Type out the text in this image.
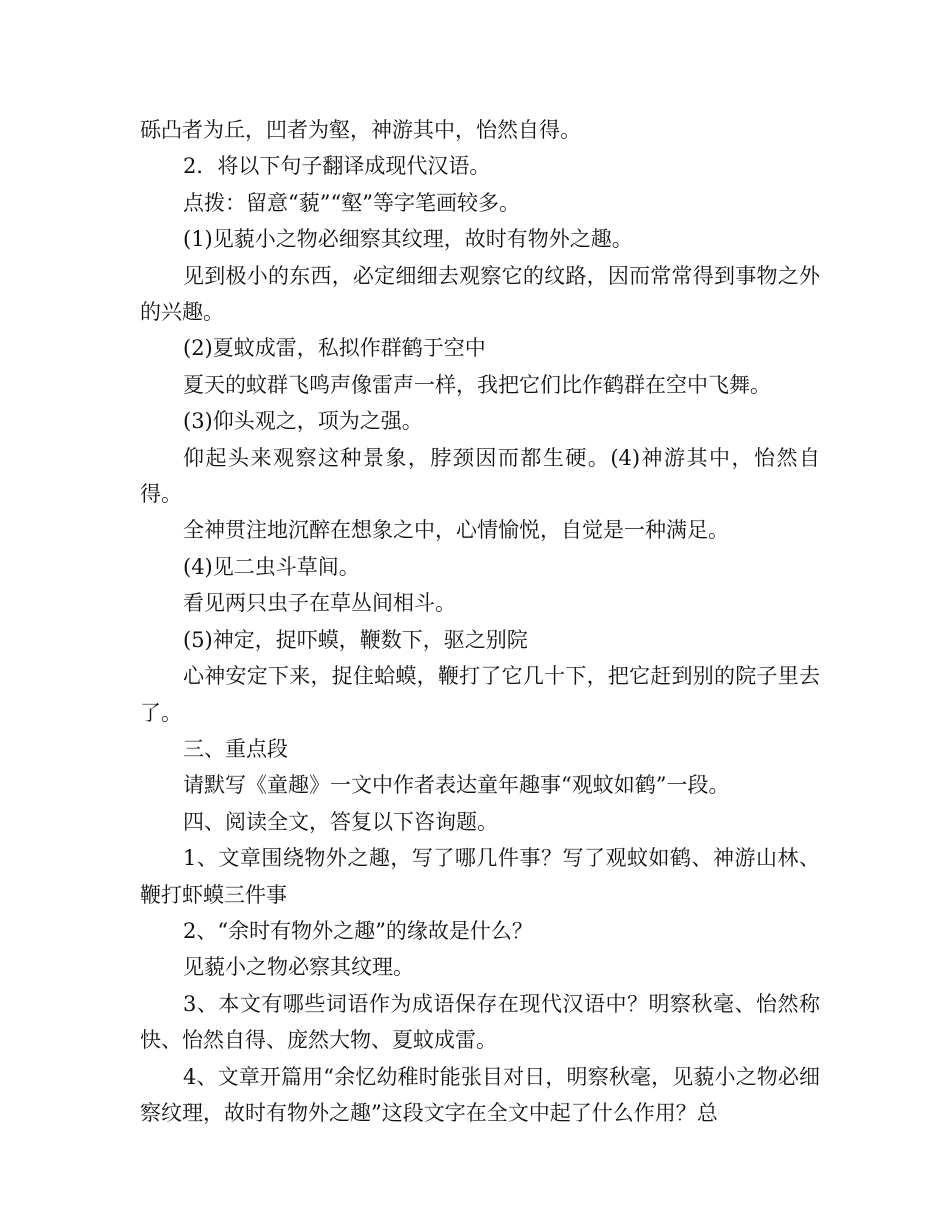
砾凸者为丘，凹者为壑，神游其中，怡然自得。

2．将以下句子翻译成现代汉语。

点拨：留意“藐”“壑”等字笔画较多。

(1)见藐小之物必细察其纹理，故时有物外之趣。

见到极小的东西，必定细细去观察它的纹路，因而常常得到事物之外的兴趣。

(2)夏蚊成雷，私拟作群鹤于空中

夏天的蚊群飞鸣声像雷声一样，我把它们比作鹤群在空中飞舞。

(3)仰头观之，项为之强。

仰起头来观察这种景象，脖颈因而都生硬。(4)神游其中，怡然自得。

全神贯注地沉醉在想象之中，心情愉悦，自觉是一种满足。

(4)见二虫斗草间。

看见两只虫子在草丛间相斗。

(5)神定，捉吓蟆，鞭数下，驱之别院

心神安定下来，捉住蛤蟆，鞭打了它几十下，把它赶到别的院子里去了。

三、重点段

请默写《童趣》一文中作者表达童年趣事“观蚊如鹤”一段。

四、阅读全文，答复以下咨询题。

1、文章围绕物外之趣，写了哪几件事？写了观蚊如鹤、神游山林、鞭打虾蟆三件事

2、“余时有物外之趣”的缘故是什么？

见藐小之物必察其纹理。

3、本文有哪些词语作为成语保存在现代汉语中？明察秋毫、怡然称快、怡然自得、庞然大物、夏蚊成雷。

4、文章开篇用“余忆幼稚时能张目对日，明察秋毫，见藐小之物必细察纹理，故时有物外之趣”这段文字在全文中起了什么作用？总
